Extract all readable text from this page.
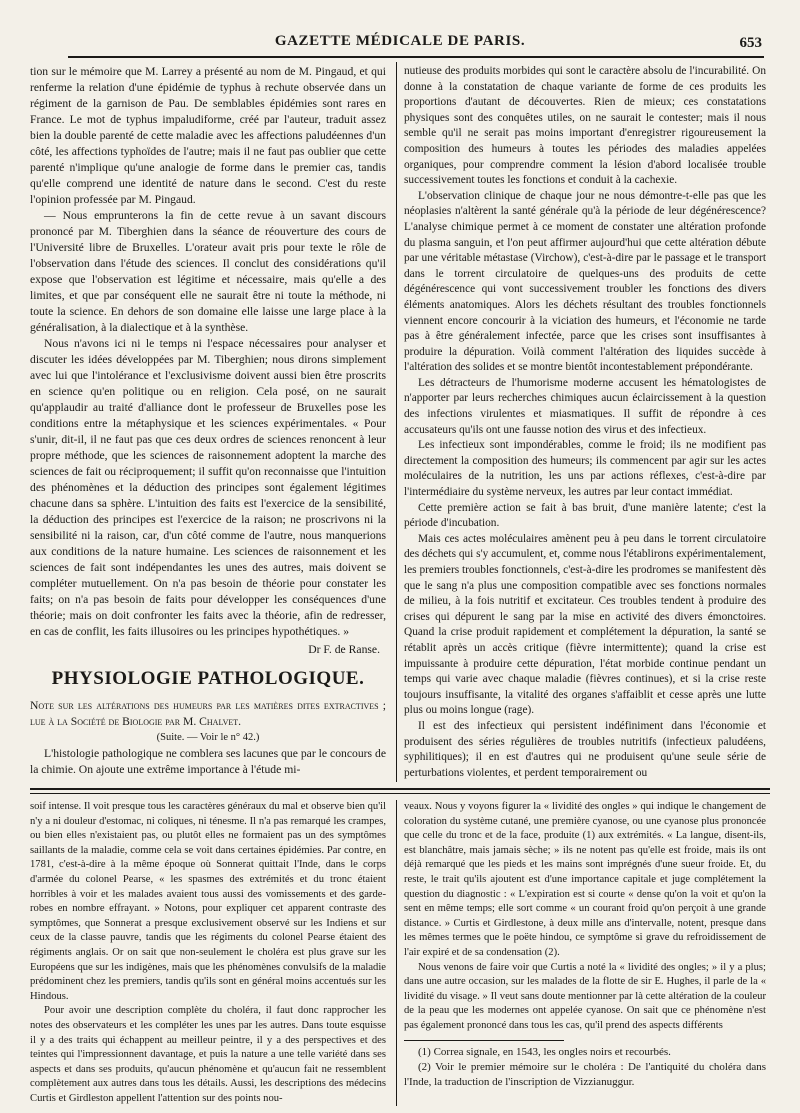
GAZETTE MÉDICALE DE PARIS.	653

tion sur le mémoire que M. Larrey a présenté au nom de M. Pingaud, et qui renferme la relation d'une épidémie de typhus à rechute observée dans un régiment de la garnison de Pau. De semblables épidémies sont rares en France. Le mot de typhus impaludiforme, créé par l'auteur, traduit assez bien la double parenté de cette maladie avec les affections paludéennes d'un côté, les affections typhoïdes de l'autre; mais il ne faut pas oublier que cette parenté n'implique qu'une analogie de forme dans le premier cas, tandis qu'elle comprend une identité de nature dans le second. C'est du reste l'opinion professée par M. Pingaud.

— Nous emprunterons la fin de cette revue à un savant discours prononcé par M. Tiberghien dans la séance de réouverture des cours de l'Université libre de Bruxelles. L'orateur avait pris pour texte le rôle de l'observation dans l'étude des sciences. Il conclut des considérations qu'il expose que l'observation est légitime et nécessaire, mais qu'elle a des limites, et que par conséquent elle ne saurait être ni toute la méthode, ni toute la science. En dehors de son domaine elle laisse une large place à la généralisation, à la dialectique et à la synthèse.

Nous n'avons ici ni le temps ni l'espace nécessaires pour analyser et discuter les idées développées par M. Tiberghien; nous dirons simplement avec lui que l'intolérance et l'exclusivisme doivent aussi bien être proscrits en science qu'en politique ou en religion. Cela posé, on ne saurait qu'applaudir au traité d'alliance dont le professeur de Bruxelles pose les conditions entre la métaphysique et les sciences expérimentales. « Pour s'unir, dit-il, il ne faut pas que ces deux ordres de sciences renoncent à leur propre méthode, que les sciences de raisonnement adoptent la marche des sciences de fait ou réciproquement; il suffit qu'on reconnaisse que l'intuition des phénomènes et la déduction des principes sont également légitimes chacune dans sa sphère. L'intuition des faits est l'exercice de la sensibilité, la déduction des principes est l'exercice de la raison; ne proscrivons ni la sensibilité ni la raison, car, d'un côté comme de l'autre, nous manquerions aux conditions de la nature humaine. Les sciences de raisonnement et les sciences de fait sont indépendantes les unes des autres, mais doivent se compléter mutuellement. On n'a pas besoin de théorie pour constater les faits; on n'a pas besoin de faits pour développer les conséquences d'une théorie; mais on doit confronter les faits avec la théorie, afin de redresser, en cas de conflit, les faits illusoires ou les principes hypothétiques. »

Dr F. de Ranse.
PHYSIOLOGIE PATHOLOGIQUE.

Note sur les altérations des humeurs par les matières dites extractives ; lue à la Société de Biologie par M. Chalvet.

(Suite. — Voir le n° 42.)

L'histologie pathologique ne comblera ses lacunes que par le concours de la chimie. On ajoute une extrême importance à l'étude mi-

nutieuse des produits morbides qui sont le caractère absolu de l'incurabilité. On donne à la constatation de chaque variante de forme de ces produits les proportions d'autant de découvertes. Rien de mieux; ces constatations physiques sont des conquêtes utiles, on ne saurait le contester; mais il nous semble qu'il ne serait pas moins important d'enregistrer rigoureusement la composition des humeurs à toutes les périodes des maladies appelées organiques, pour comprendre comment la lésion d'abord localisée trouble successivement toutes les fonctions et conduit à la cachexie.

L'observation clinique de chaque jour ne nous démontre-t-elle pas que les néoplasies n'altèrent la santé générale qu'à la période de leur dégénérescence? L'analyse chimique permet à ce moment de constater une altération profonde du plasma sanguin, et l'on peut affirmer aujourd'hui que cette altération débute par une véritable métastase (Virchow), c'est-à-dire par le passage et le transport dans le torrent circulatoire de quelques-uns des produits de cette dégénérescence qui vont successivement troubler les fonctions des divers éléments anatomiques. Alors les déchets résultant des troubles fonctionnels viennent encore concourir à la viciation des humeurs, et l'économie ne tarde pas à être généralement infectée, parce que les crises sont insuffisantes à produire la dépuration. Voilà comment l'altération des liquides succède à l'altération des solides et se montre bientôt incontestablement prépondérante.

Les détracteurs de l'humorisme moderne accusent les hématologistes de n'apporter par leurs recherches chimiques aucun éclaircissement à la question des infections virulentes et miasmatiques. Il suffit de répondre à ces accusateurs qu'ils ont une fausse notion des virus et des infectieux.

Les infectieux sont impondérables, comme le froid; ils ne modifient pas directement la composition des humeurs; ils commencent par agir sur les actes moléculaires de la nutrition, les uns par actions réflexes, c'est-à-dire par l'intermédiaire du système nerveux, les autres par leur contact immédiat.

Cette première action se fait à bas bruit, d'une manière latente; c'est la période d'incubation.

Mais ces actes moléculaires amènent peu à peu dans le torrent circulatoire des déchets qui s'y accumulent, et, comme nous l'établirons expérimentalement, les premiers troubles fonctionnels, c'est-à-dire les prodromes se manifestent dès que le sang n'a plus une composition compatible avec ses fonctions normales de milieu, à la fois nutritif et excitateur. Ces troubles tendent à produire des crises qui dépurent le sang par la mise en activité des divers émonctoires. Quand la crise produit rapidement et complétement la dépuration, la santé se rétablit après un accès critique (fièvre intermittente); quand la crise est impuissante à produire cette dépuration, l'état morbide continue pendant un temps qui varie avec chaque maladie (fièvres continues), et si la crise reste toujours insuffisante, la vitalité des organes s'affaiblit et cesse après une lutte plus ou moins longue (rage).

Il est des infectieux qui persistent indéfiniment dans l'économie et produisent des séries régulières de troubles nutritifs (infectieux paludéens, syphilitiques); il en est d'autres qui ne produisent qu'une seule série de perturbations violentes, et perdent temporairement ou

soif intense. Il voit presque tous les caractères généraux du mal et observe bien qu'il n'y a ni douleur d'estomac, ni coliques, ni ténesme. Il n'a pas remarqué les crampes, ou bien elles n'existaient pas, ou plutôt elles ne formaient pas un des symptômes saillants de la maladie, comme cela se voit dans certaines épidémies. Par contre, en 1781, c'est-à-dire à la même époque où Sonnerat quittait l'Inde, dans le corps d'armée du colonel Pearse, « les spasmes des extrémités et du tronc étaient horribles à voir et les malades avaient tous aussi des vomissements et des garde-robes en nombre effrayant. » Notons, pour expliquer cet apparent contraste des symptômes, que Sonnerat a presque exclusivement observé sur les Indiens et sur ceux de la classe pauvre, tandis que les régiments du colonel Pearse étaient des régiments anglais. Or on sait que non-seulement le choléra est plus grave sur les Européens que sur les indigènes, mais que les phénomènes convulsifs de la maladie prédominent chez les premiers, tandis qu'ils sont en général moins accentués sur les Hindous.

Pour avoir une description complète du choléra, il faut donc rapprocher les notes des observateurs et les compléter les unes par les autres. Dans toute esquisse il y a des traits qui échappent au meilleur peintre, il y a des perspectives et des teintes qui l'impressionnent davantage, et puis la nature a une telle variété dans ses aspects et dans ses produits, qu'aucun phénomène et qu'aucun fait ne ressemblent complètement aux autres dans tous les détails. Aussi, les descriptions des médecins Curtis et Girdleston appellent l'attention sur des points nou-

veaux. Nous y voyons figurer la « lividité des ongles » qui indique le changement de coloration du système cutané, une première cyanose, ou une cyanose plus prononcée que celle du tronc et de la face, produite (1) aux extrémités. « La langue, disent-ils, est blanchâtre, mais jamais sèche; » ils ne notent pas qu'elle est froide, mais ils ont déjà remarqué que les pieds et les mains sont imprégnés d'une sueur froide. Et, du reste, le trait qu'ils ajoutent est d'une importance capitale et juge complétement la question du diagnostic : « L'expiration est si courte « dense qu'on la voit et qu'on la sent en même temps; elle sort comme « un courant froid qu'on perçoit à une grande distance. » Curtis et Girdlestone, à deux mille ans d'intervalle, notent, presque dans les mêmes termes que le poëte hindou, ce symptôme si grave du refroidissement de l'air expiré et de sa condensation (2).

Nous venons de faire voir que Curtis a noté la « lividité des ongles; » il y a plus; dans une autre occasion, sur les malades de la flotte de sir E. Hughes, il parle de la « lividité du visage. » Il veut sans doute mentionner par là cette altération de la couleur de la peau que les modernes ont appelée cyanose. On sait que ce phénomène n'est pas également prononcé dans tous les cas, qu'il prend des aspects différents

(1) Correa signale, en 1543, les ongles noirs et recourbés.

(2) Voir le premier mémoire sur le choléra : De l'antiquité du choléra dans l'Inde, la traduction de l'inscription de Vizzianuggur.
